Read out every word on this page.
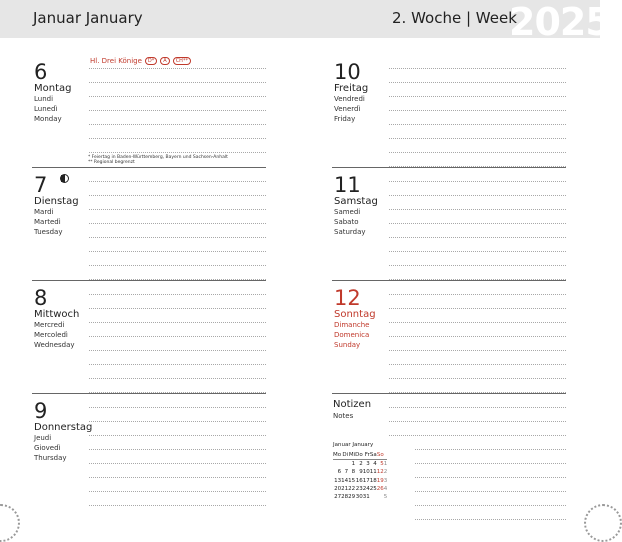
Januar January	2. Woche | Week
2025
6
Montag
Lundi
Lunedì
Monday
Hl. Drei Könige	D*	A	CH**
* Feiertag in Baden-Württemberg, Bayern und Sachsen-Anhalt
** Regional begrenzt
7
Dienstag
Mardi
Martedì
Tuesday
8
Mittwoch
Mercredi
Mercoledì
Wednesday
9
Donnerstag
Jeudi
Giovedì
Thursday
10
Freitag
Vendredi
Venerdì
Friday
11
Samstag
Samedi
Sabato
Saturday
12
Sonntag
Dimanche
Domenica
Sunday
Notizen
Notes
Januar January
Mo	Di	Mi	Do	Fr	Sa	So	
		1	2	3	4	5	1
6	7	8	9	10	11	12	2
13	14	15	16	17	18	19	3
20	21	22	23	24	25	26	4
27	28	29	30	31			5
